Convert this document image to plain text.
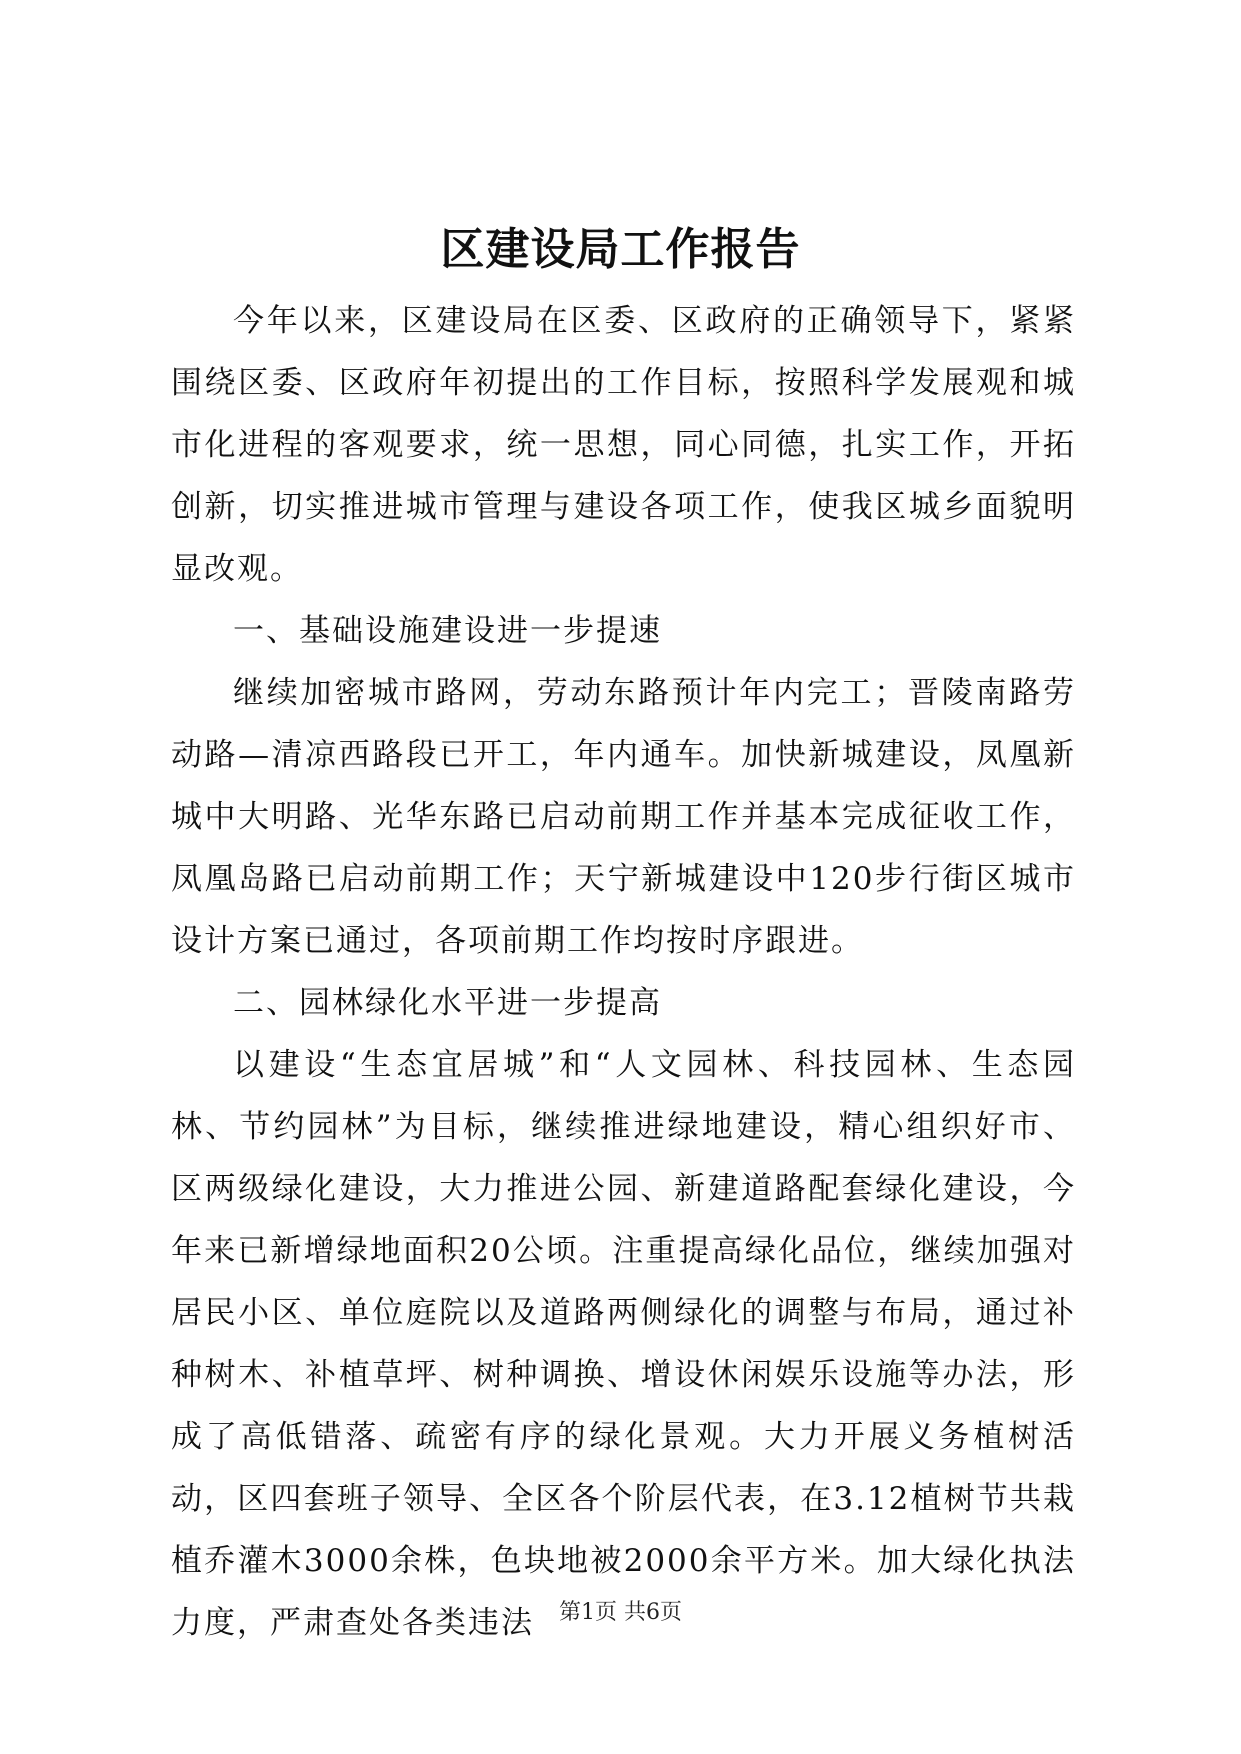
区建设局工作报告

今年以来，区建设局在区委、区政府的正确领导下，紧紧围绕区委、区政府年初提出的工作目标，按照科学发展观和城市化进程的客观要求，统一思想，同心同德，扎实工作，开拓创新，切实推进城市管理与建设各项工作，使我区城乡面貌明显改观。

一、基础设施建设进一步提速

继续加密城市路网，劳动东路预计年内完工；晋陵南路劳动路—清凉西路段已开工，年内通车。加快新城建设，凤凰新城中大明路、光华东路已启动前期工作并基本完成征收工作，凤凰岛路已启动前期工作；天宁新城建设中120步行街区城市设计方案已通过，各项前期工作均按时序跟进。

二、园林绿化水平进一步提高

以建设“生态宜居城”和“人文园林、科技园林、生态园林、节约园林”为目标，继续推进绿地建设，精心组织好市、区两级绿化建设，大力推进公园、新建道路配套绿化建设，今年来已新增绿地面积20公顷。注重提高绿化品位，继续加强对居民小区、单位庭院以及道路两侧绿化的调整与布局，通过补种树木、补植草坪、树种调换、增设休闲娱乐设施等办法，形成了高低错落、疏密有序的绿化景观。大力开展义务植树活动，区四套班子领导、全区各个阶层代表，在3.12植树节共栽植乔灌木3000余株，色块地被2000余平方米。加大绿化执法力度，严肃查处各类违法	第1页 共6页
